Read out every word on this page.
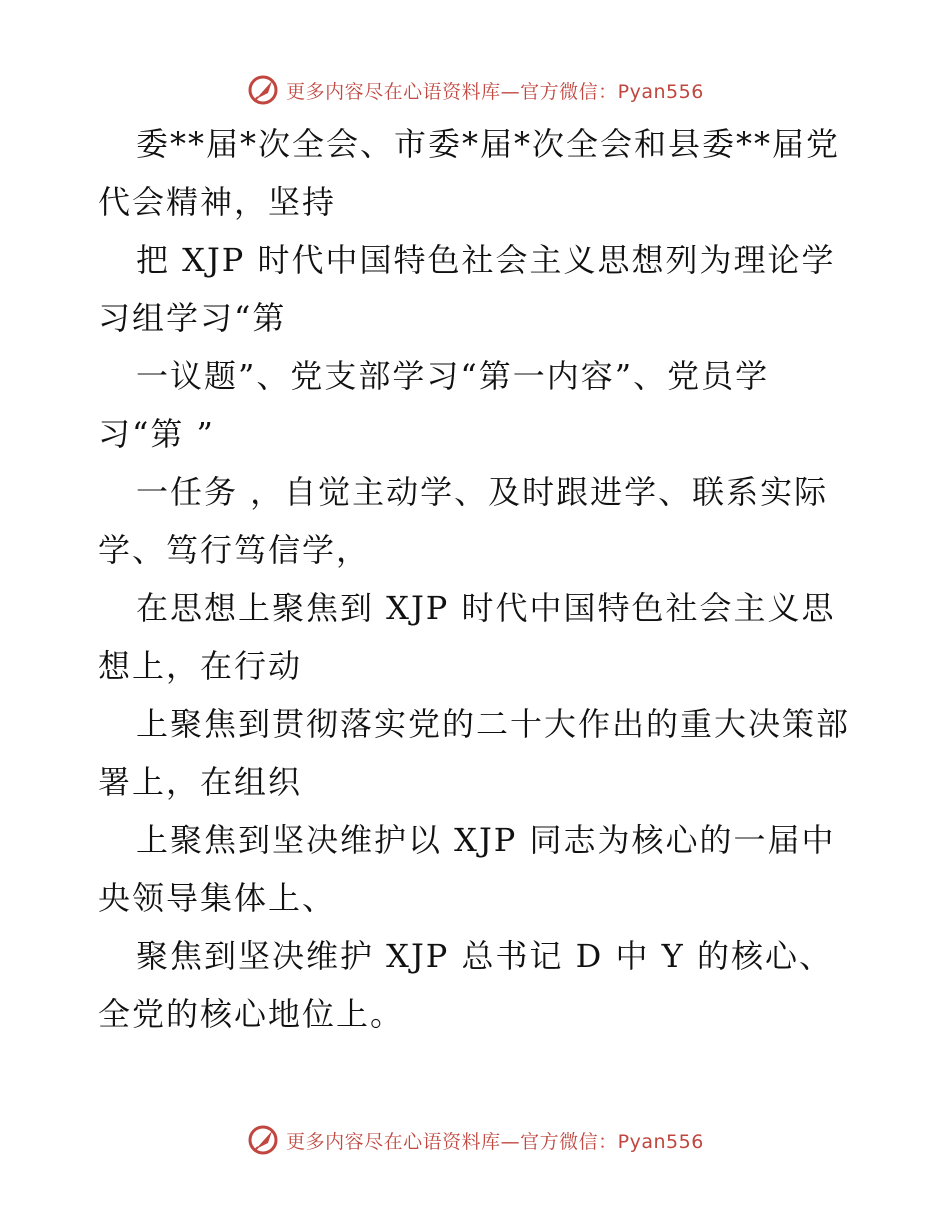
更多内容尽在心语资料库—官方微信：Pyan556
委**届*次全会、市委*届*次全会和县委**届党
代会精神，坚持
把 XJP 时代中国特色社会主义思想列为理论学
习组学习“第
一议题”、党支部学习“第一内容”、党员学
习“第 ”
一任务 ，自觉主动学、及时跟进学、联系实际
学、笃行笃信学，
在思想上聚焦到 XJP 时代中国特色社会主义思
想上，在行动
上聚焦到贯彻落实党的二十大作出的重大决策部
署上，在组织
上聚焦到坚决维护以 XJP 同志为核心的一届中
央领导集体上、
聚焦到坚决维护 XJP 总书记 D 中 Y 的核心、
全党的核心地位上。
更多内容尽在心语资料库—官方微信：Pyan556
